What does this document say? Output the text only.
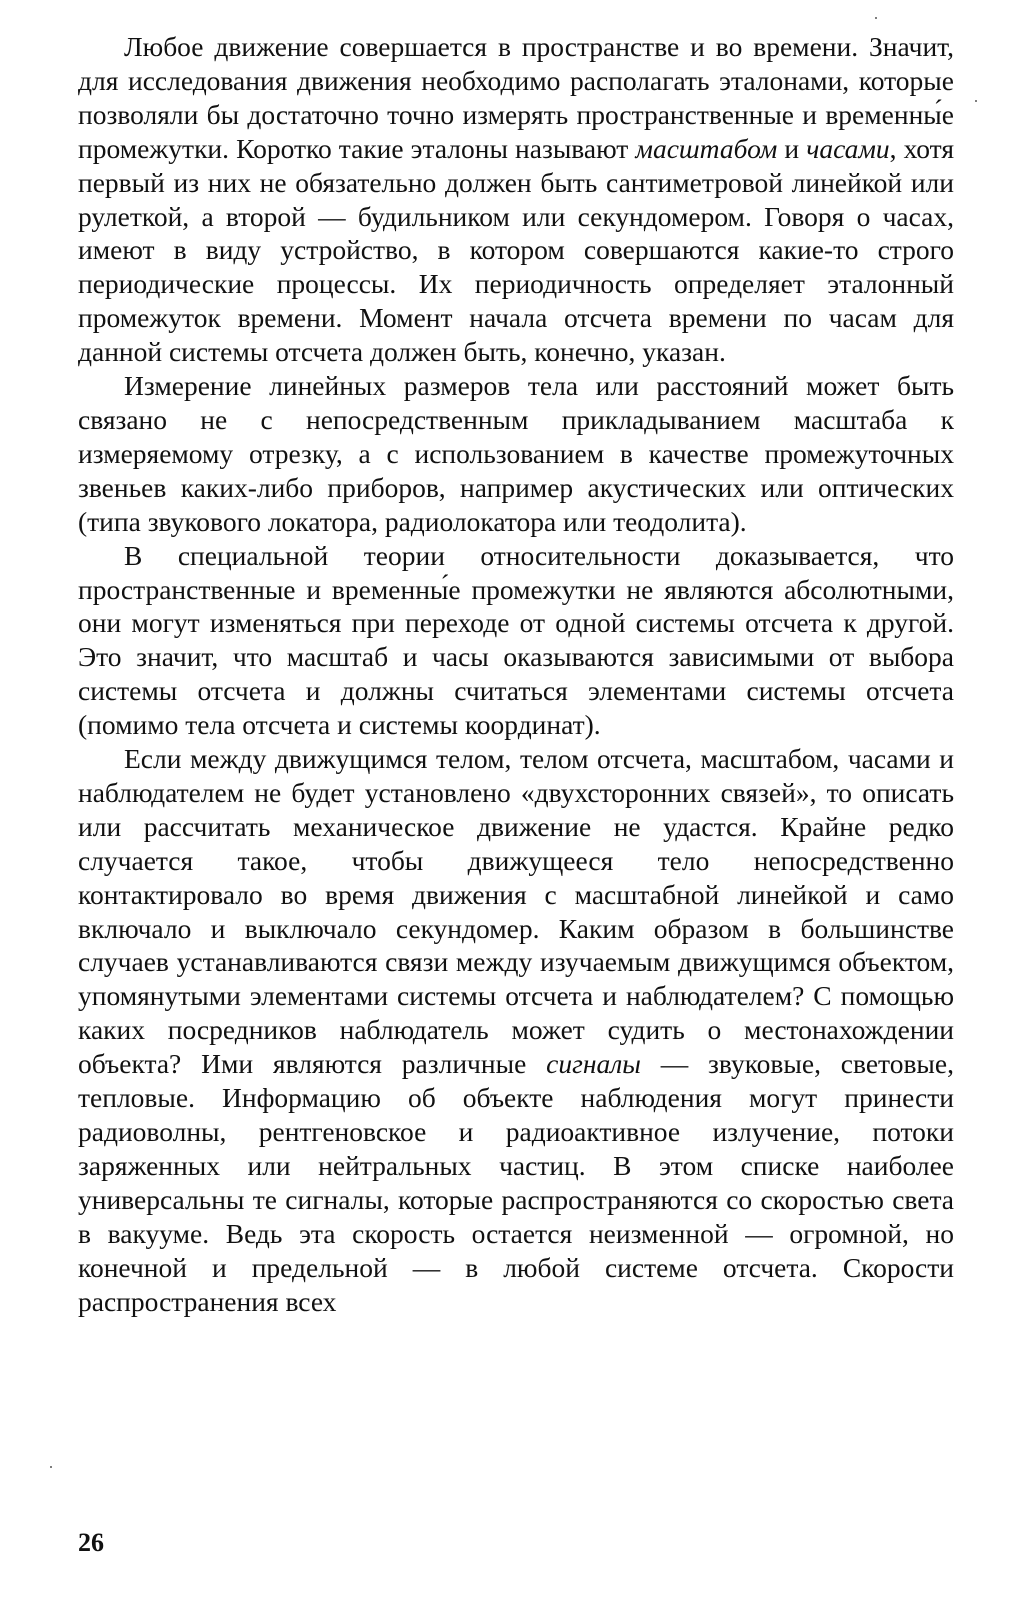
Любое движение совершается в пространстве и во времени. Значит, для исследования движения необходимо располагать эталонами, которые позволяли бы достаточно точно измерять пространственные и временны́е промежутки. Коротко такие эталоны называют масштабом и часами, хотя первый из них не обязательно должен быть сантиметровой линейкой или рулеткой, а второй — будильником или секундомером. Говоря о часах, имеют в виду устройство, в котором совершаются какие-то строго периодические процессы. Их периодичность определяет эталонный промежуток времени. Момент начала отсчета времени по часам для данной системы отсчета должен быть, конечно, указан.

Измерение линейных размеров тела или расстояний может быть связано не с непосредственным прикладыванием масштаба к измеряемому отрезку, а с использованием в качестве промежуточных звеньев каких-либо приборов, например акустических или оптических (типа звукового локатора, радиолокатора или теодолита).

В специальной теории относительности доказывается, что пространственные и временны́е промежутки не являются абсолютными, они могут изменяться при переходе от одной системы отсчета к другой. Это значит, что масштаб и часы оказываются зависимыми от выбора системы отсчета и должны считаться элементами системы отсчета (помимо тела отсчета и системы координат).

Если между движущимся телом, телом отсчета, масштабом, часами и наблюдателем не будет установлено «двухсторонних связей», то описать или рассчитать механическое движение не удастся. Крайне редко случается такое, чтобы движущееся тело непосредственно контактировало во время движения с масштабной линейкой и само включало и выключало секундомер. Каким образом в большинстве случаев устанавливаются связи между изучаемым движущимся объектом, упомянутыми элементами системы отсчета и наблюдателем? С помощью каких посредников наблюдатель может судить о местонахождении объекта? Ими являются различные сигналы — звуковые, световые, тепловые. Информацию об объекте наблюдения могут принести радиоволны, рентгеновское и радиоактивное излучение, потоки заряженных или нейтральных частиц. В этом списке наиболее универсальны те сигналы, которые распространяются со скоростью света в вакууме. Ведь эта скорость остается неизменной — огромной, но конечной и предельной — в любой системе отсчета. Скорости распространения всех

26
